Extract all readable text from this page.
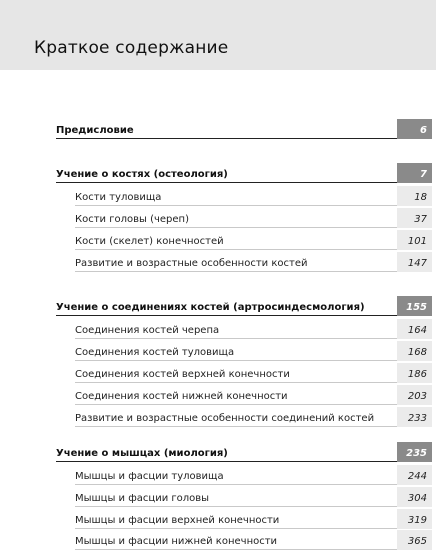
Краткое содержание
Предисловие	6
Учение о костях (остеология)	7
Кости туловища	18
Кости головы (череп)	37
Кости (скелет) конечностей	101
Развитие и возрастные особенности костей	147
Учение о соединениях костей (артросиндесмология)	155
Соединения костей черепа	164
Соединения костей туловища	168
Соединения костей верхней конечности	186
Соединения костей нижней конечности	203
Развитие и возрастные особенности соединений костей	233
Учение о мышцах (миология)	235
Мышцы и фасции туловища	244
Мышцы и фасции головы	304
Мышцы и фасции верхней конечности	319
Мышцы и фасции нижней конечности	365
